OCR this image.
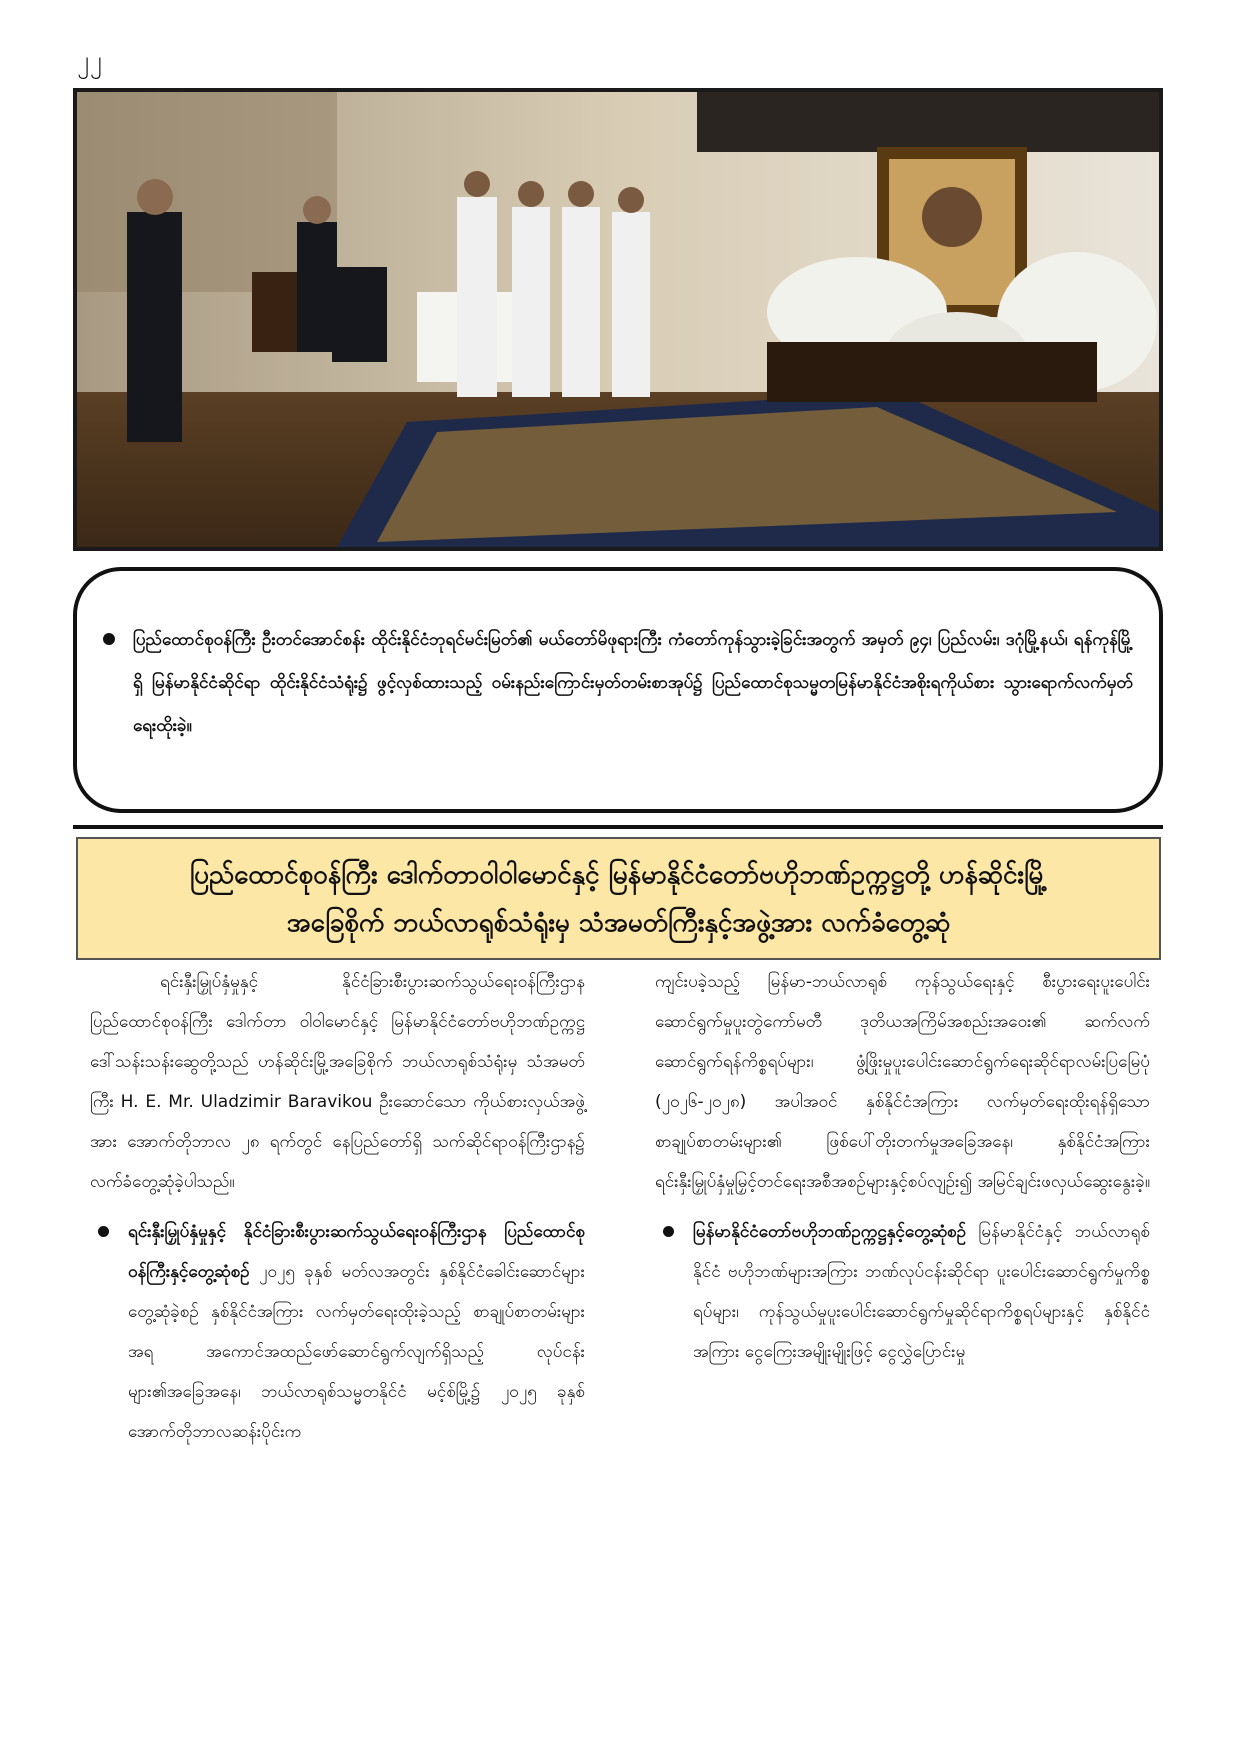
၂၂
ပြည်ထောင်စုဝန်ကြီး ဦးတင်အောင်စန်း ထိုင်းနိုင်ငံဘုရင်မင်းမြတ်၏ မယ်တော်မိဖုရားကြီး ကံတော်ကုန်သွားခဲ့ခြင်းအတွက် အမှတ် ၉၄၊ ပြည်လမ်း၊ ဒဂုံမြို့နယ်၊ ရန်ကုန်မြို့ရှိ မြန်မာနိုင်ငံဆိုင်ရာ ထိုင်းနိုင်ငံသံရုံး၌ ဖွင့်လှစ်ထားသည့် ဝမ်းနည်းကြောင်းမှတ်တမ်းစာအုပ်၌ ပြည်ထောင်စုသမ္မတမြန်မာနိုင်ငံအစိုးရကိုယ်စား သွားရောက်လက်မှတ်ရေးထိုးခဲ့။
ပြည်ထောင်စုဝန်ကြီး ဒေါက်တာဝါဝါမောင်နှင့် မြန်မာနိုင်ငံတော်ဗဟိုဘဏ်ဥက္ကဋ္ဌတို့ ဟန်ဆိုင်းမြို့
အခြေစိုက် ဘယ်လာရုစ်သံရုံးမှ သံအမတ်ကြီးနှင့်အဖွဲ့အား လက်ခံတွေ့ဆုံ

ရင်းနှီးမြှုပ်နှံမှုနှင့် နိုင်ငံခြားစီးပွားဆက်သွယ်ရေးဝန်ကြီးဌာန ပြည်ထောင်စုဝန်ကြီး ဒေါက်တာ ဝါဝါမောင်နှင့် မြန်မာနိုင်ငံတော်ဗဟိုဘဏ်ဥက္ကဋ္ဌ ဒေါ်သန်းသန်းဆွေတို့သည် ဟန်ဆိုင်းမြို့အခြေစိုက် ဘယ်လာရုစ်သံရုံးမှ သံအမတ်ကြီး H. E. Mr. Uladzimir Baravikou ဦးဆောင်သော ကိုယ်စားလှယ်အဖွဲ့အား အောက်တိုဘာလ ၂၈ ရက်တွင် နေပြည်တော်ရှိ သက်ဆိုင်ရာဝန်ကြီးဌာန၌ လက်ခံတွေ့ဆုံခဲ့ပါသည်။

ရင်းနှီးမြှုပ်နှံမှုနှင့် နိုင်ငံခြားစီးပွားဆက်သွယ်ရေးဝန်ကြီးဌာန ပြည်ထောင်စုဝန်ကြီးနှင့်တွေ့ဆုံစဉ် ၂၀၂၅ ခုနှစ် မတ်လအတွင်း နှစ်နိုင်ငံခေါင်းဆောင်များ တွေ့ဆုံခဲ့စဉ် နှစ်နိုင်ငံအကြား လက်မှတ်ရေးထိုးခဲ့သည့် စာချုပ်စာတမ်းများအရ အကောင်အထည်ဖော်ဆောင်ရွက်လျက်ရှိသည့် လုပ်ငန်းများ၏အခြေအနေ၊ ဘယ်လာရုစ်သမ္မတနိုင်ငံ မင့်စ်မြို့၌ ၂၀၂၅ ခုနှစ် အောက်တိုဘာလဆန်းပိုင်းက

ကျင်းပခဲ့သည့် မြန်မာ-ဘယ်လာရုစ် ကုန်သွယ်ရေးနှင့် စီးပွားရေးပူးပေါင်းဆောင်ရွက်မှုပူးတွဲကော်မတီ ဒုတိယအကြိမ်အစည်းအဝေး၏ ဆက်လက်ဆောင်ရွက်ရန်ကိစ္စရပ်များ၊ ဖွံ့ဖြိုးမှုပူးပေါင်းဆောင်ရွက်ရေးဆိုင်ရာလမ်းပြမြေပုံ (၂၀၂၆-၂၀၂၈) အပါအဝင် နှစ်နိုင်ငံအကြား လက်မှတ်ရေးထိုးရန်ရှိသော စာချုပ်စာတမ်းများ၏ ဖြစ်ပေါ်တိုးတက်မှုအခြေအနေ၊ နှစ်နိုင်ငံအကြား ရင်းနှီးမြှုပ်နှံမှုမြှင့်တင်ရေးအစီအစဉ်များနှင့်စပ်လျဉ်း၍ အမြင်ချင်းဖလှယ်ဆွေးနွေးခဲ့။

မြန်မာနိုင်ငံတော်ဗဟိုဘဏ်ဥက္ကဋ္ဌနှင့်တွေ့ဆုံစဉ် မြန်မာနိုင်ငံနှင့် ဘယ်လာရုစ်နိုင်ငံ ဗဟိုဘဏ်များအကြား ဘဏ်လုပ်ငန်းဆိုင်ရာ ပူးပေါင်းဆောင်ရွက်မှုကိစ္စရပ်များ၊ ကုန်သွယ်မှုပူးပေါင်းဆောင်ရွက်မှုဆိုင်ရာကိစ္စရပ်များနှင့် နှစ်နိုင်ငံအကြား ငွေကြေးအမျိုးမျိုးဖြင့် ငွေလွှဲပြောင်းမှု
